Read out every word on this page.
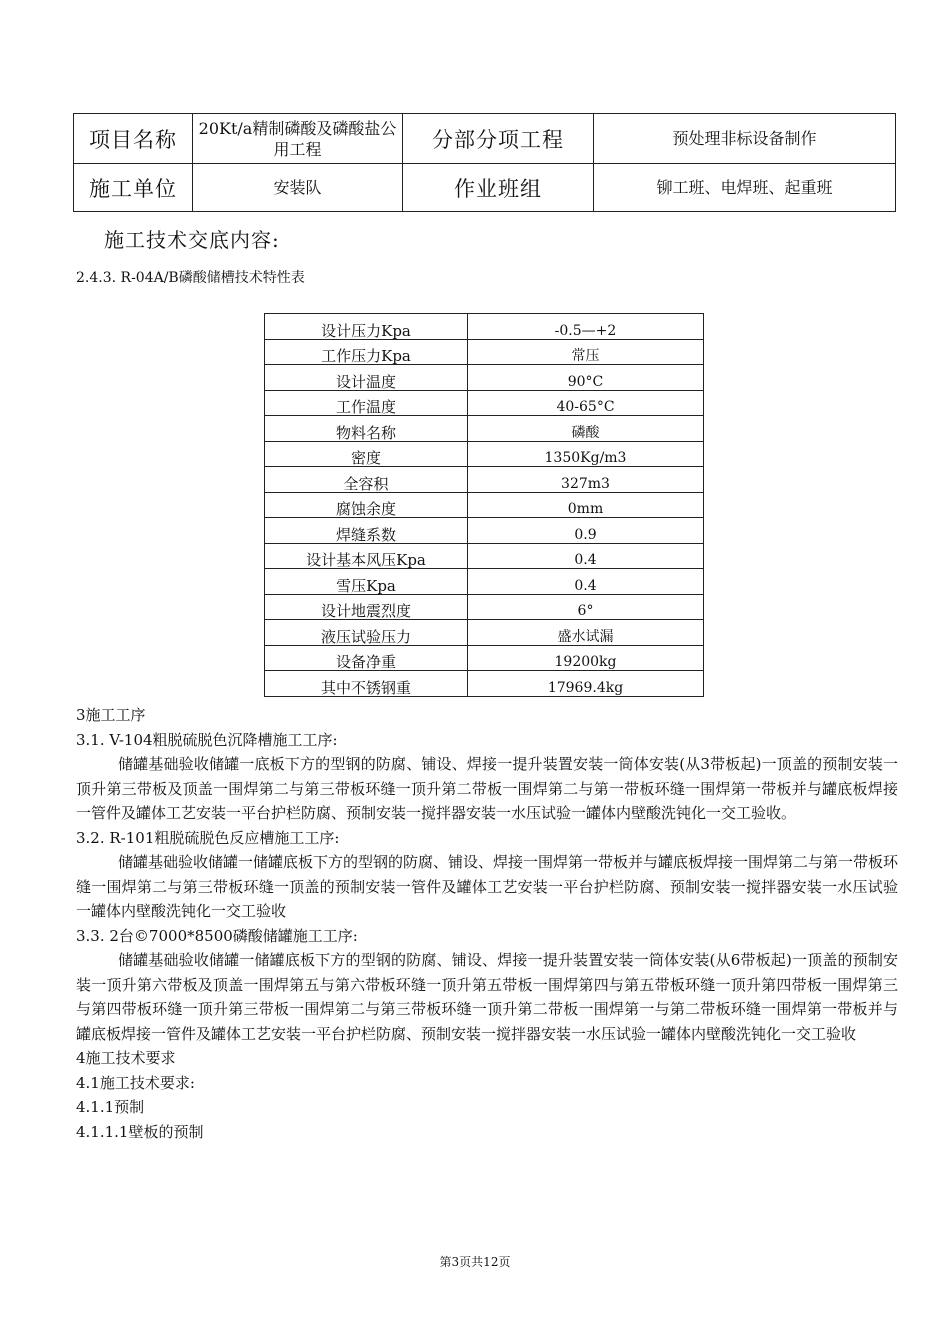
项目名称	20Kt/a精制磷酸及磷酸盐公用工程	分部分项工程	预处理非标设备制作
施工单位	安装队	作业班组	铆工班、电焊班、起重班
施工技术交底内容:
2.4.3. R-04A/B磷酸储槽技术特性表
设计压力Kpa	-0.5—+2
工作压力Kpa	常压
设计温度	90°C
工作温度	40-65°C
物料名称	磷酸
密度	1350Kg/m3
全容积	327m3
腐蚀余度	0mm
焊缝系数	0.9
设计基本风压Kpa	0.4
雪压Kpa	0.4
设计地震烈度	6°
液压试验压力	盛水试漏
设备净重	19200kg
其中不锈钢重	17969.4kg

3施工工序

3.1. V-104粗脱硫脱色沉降槽施工工序:

储罐基础验收储罐一底板下方的型钢的防腐、铺设、焊接一提升装置安装一筒体安装(从3带板起)一顶盖的预制安装一顶升第三带板及顶盖一围焊第二与第三带板环缝一顶升第二带板一围焊第二与第一带板环缝一围焊第一带板并与罐底板焊接一管件及罐体工艺安装一平台护栏防腐、预制安装一搅拌器安装一水压试验一罐体内壁酸洗钝化一交工验收。

3.2. R-101粗脱硫脱色反应槽施工工序:

储罐基础验收储罐一储罐底板下方的型钢的防腐、铺设、焊接一围焊第一带板并与罐底板焊接一围焊第二与第一带板环缝一围焊第二与第三带板环缝一顶盖的预制安装一管件及罐体工艺安装一平台护栏防腐、预制安装一搅拌器安装一水压试验一罐体内壁酸洗钝化一交工验收

3.3. 2台©7000*8500磷酸储罐施工工序:

储罐基础验收储罐一储罐底板下方的型钢的防腐、铺设、焊接一提升装置安装一筒体安装(从6带板起)一顶盖的预制安装一顶升第六带板及顶盖一围焊第五与第六带板环缝一顶升第五带板一围焊第四与第五带板环缝一顶升第四带板一围焊第三与第四带板环缝一顶升第三带板一围焊第二与第三带板环缝一顶升第二带板一围焊第一与第二带板环缝一围焊第一带板并与罐底板焊接一管件及罐体工艺安装一平台护栏防腐、预制安装一搅拌器安装一水压试验一罐体内壁酸洗钝化一交工验收

4施工技术要求

4.1施工技术要求:

4.1.1预制

4.1.1.1壁板的预制

第3页共12页
